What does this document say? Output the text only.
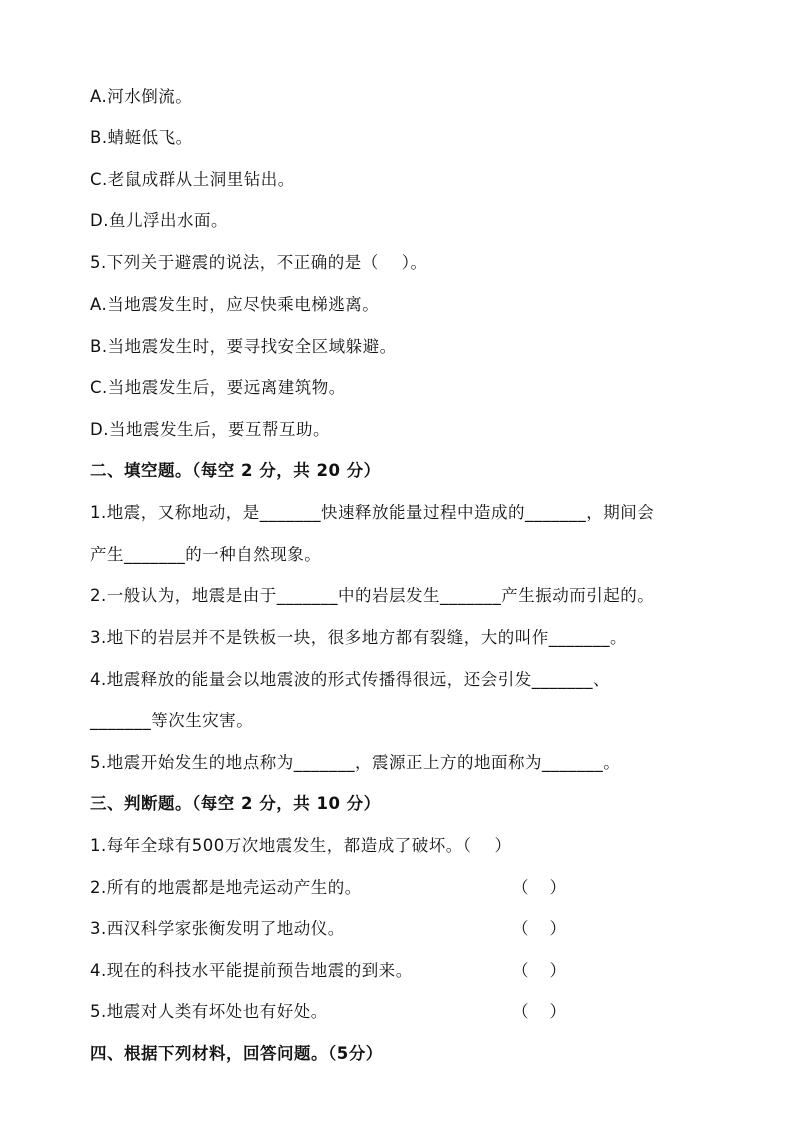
A.河水倒流。
B.蜻蜓低飞。
C.老鼠成群从土洞里钻出。
D.鱼儿浮出水面。
5.下列关于避震的说法，不正确的是（    ）。
A.当地震发生时，应尽快乘电梯逃离。
B.当地震发生时，要寻找安全区域躲避。
C.当地震发生后，要远离建筑物。
D.当地震发生后，要互帮互助。
二、填空题。（每空 2 分，共 20 分）
1.地震，又称地动，是_______快速释放能量过程中造成的_______，期间会
产生_______的一种自然现象。
2.一般认为，地震是由于_______中的岩层发生_______产生振动而引起的。
3.地下的岩层并不是铁板一块，很多地方都有裂缝，大的叫作_______。
4.地震释放的能量会以地震波的形式传播得很远，还会引发_______、
_______等次生灾害。
5.地震开始发生的地点称为_______，震源正上方的地面称为_______。
三、判断题。（每空 2 分，共 10 分）
1.每年全球有500万次地震发生，都造成了破坏。（    ）
2.所有的地震都是地壳运动产生的。	（    ）
3.西汉科学家张衡发明了地动仪。	（    ）
4.现在的科技水平能提前预告地震的到来。	（    ）
5.地震对人类有坏处也有好处。	（    ）
四、根据下列材料，回答问题。（5分）
